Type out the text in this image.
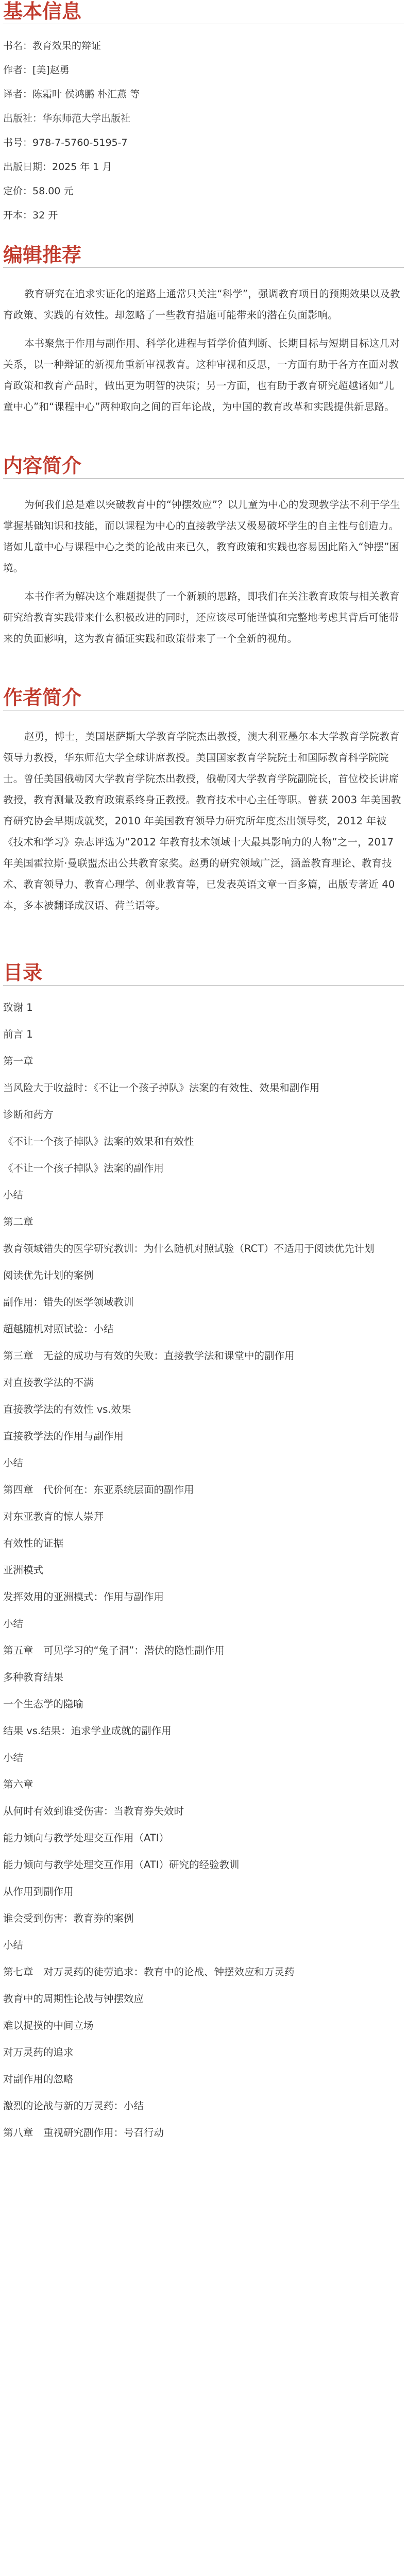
基本信息

书名：教育效果的辩证

作者：[美]赵勇

译者：陈霜叶 侯鸿鹏 朴汇燕 等

出版社：华东师范大学出版社

书号：978-7-5760-5195-7

出版日期：2025 年 1 月

定价：58.00 元

开本：32 开

编辑推荐

教育研究在追求实证化的道路上通常只关注“科学”，强调教育项目的预期效果以及教育政策、实践的有效性。却忽略了一些教育措施可能带来的潜在负面影响。

本书聚焦于作用与副作用、科学化进程与哲学价值判断、长期目标与短期目标这几对关系，以一种辩证的新视角重新审视教育。这种审视和反思，一方面有助于各方在面对教育政策和教育产品时，做出更为明智的决策；另一方面，也有助于教育研究超越诸如“儿童中心”和“课程中心”两种取向之间的百年论战，为中国的教育改革和实践提供新思路。

内容简介

为何我们总是难以突破教育中的“钟摆效应”？以儿童为中心的发现教学法不利于学生掌握基础知识和技能，而以课程为中心的直接教学法又极易破坏学生的自主性与创造力。诸如儿童中心与课程中心之类的论战由来已久，教育政策和实践也容易因此陷入“钟摆”困境。

本书作者为解决这个难题提供了一个新颖的思路，即我们在关注教育政策与相关教育研究给教育实践带来什么积极改进的同时，还应该尽可能谨慎和完整地考虑其背后可能带来的负面影响，这为教育循证实践和政策带来了一个全新的视角。

作者简介

赵勇，博士，美国堪萨斯大学教育学院杰出教授，澳大利亚墨尔本大学教育学院教育领导力教授，华东师范大学全球讲席教授。美国国家教育学院院士和国际教育科学院院士。曾任美国俄勒冈大学教育学院杰出教授，俄勒冈大学教育学院副院长，首位校长讲席教授，教育测量及教育政策系终身正教授。教育技术中心主任等职。曾获 2003 年美国教育研究协会早期成就奖，2010 年美国教育领导力研究所年度杰出领导奖，2012 年被《技术和学习》杂志评选为“2012 年教育技术领域十大最具影响力的人物”之一，2017 年美国霍拉斯·曼联盟杰出公共教育家奖。赵勇的研究领域广泛，涵盖教育理论、教育技术、教育领导力、教育心理学、创业教育等，已发表英语文章一百多篇，出版专著近 40 本，多本被翻译成汉语、荷兰语等。

目录

致谢 1

前言 1

第一章

当风险大于收益时：《不让一个孩子掉队》法案的有效性、效果和副作用

诊断和药方

《不让一个孩子掉队》法案的效果和有效性

《不让一个孩子掉队》法案的副作用

小结

第二章

教育领域错失的医学研究教训：为什么随机对照试验（RCT）不适用于阅读优先计划

阅读优先计划的案例

副作用：错失的医学领域教训

超越随机对照试验：小结

第三章　无益的成功与有效的失败：直接教学法和课堂中的副作用

对直接教学法的不满

直接教学法的有效性 vs.效果

直接教学法的作用与副作用

小结

第四章　代价何在：东亚系统层面的副作用

对东亚教育的惊人崇拜

有效性的证据

亚洲模式

发挥效用的亚洲模式：作用与副作用

小结

第五章　可见学习的“兔子洞”：潜伏的隐性副作用

多种教育结果

一个生态学的隐喻

结果 vs.结果：追求学业成就的副作用

小结

第六章

从何时有效到谁受伤害：当教育券失效时

能力倾向与教学处理交互作用（ATI）

能力倾向与教学处理交互作用（ATI）研究的经验教训

从作用到副作用

谁会受到伤害：教育券的案例

小结

第七章　对万灵药的徒劳追求：教育中的论战、钟摆效应和万灵药

教育中的周期性论战与钟摆效应

难以捉摸的中间立场

对万灵药的追求

对副作用的忽略

激烈的论战与新的万灵药：小结

第八章　重视研究副作用：号召行动
